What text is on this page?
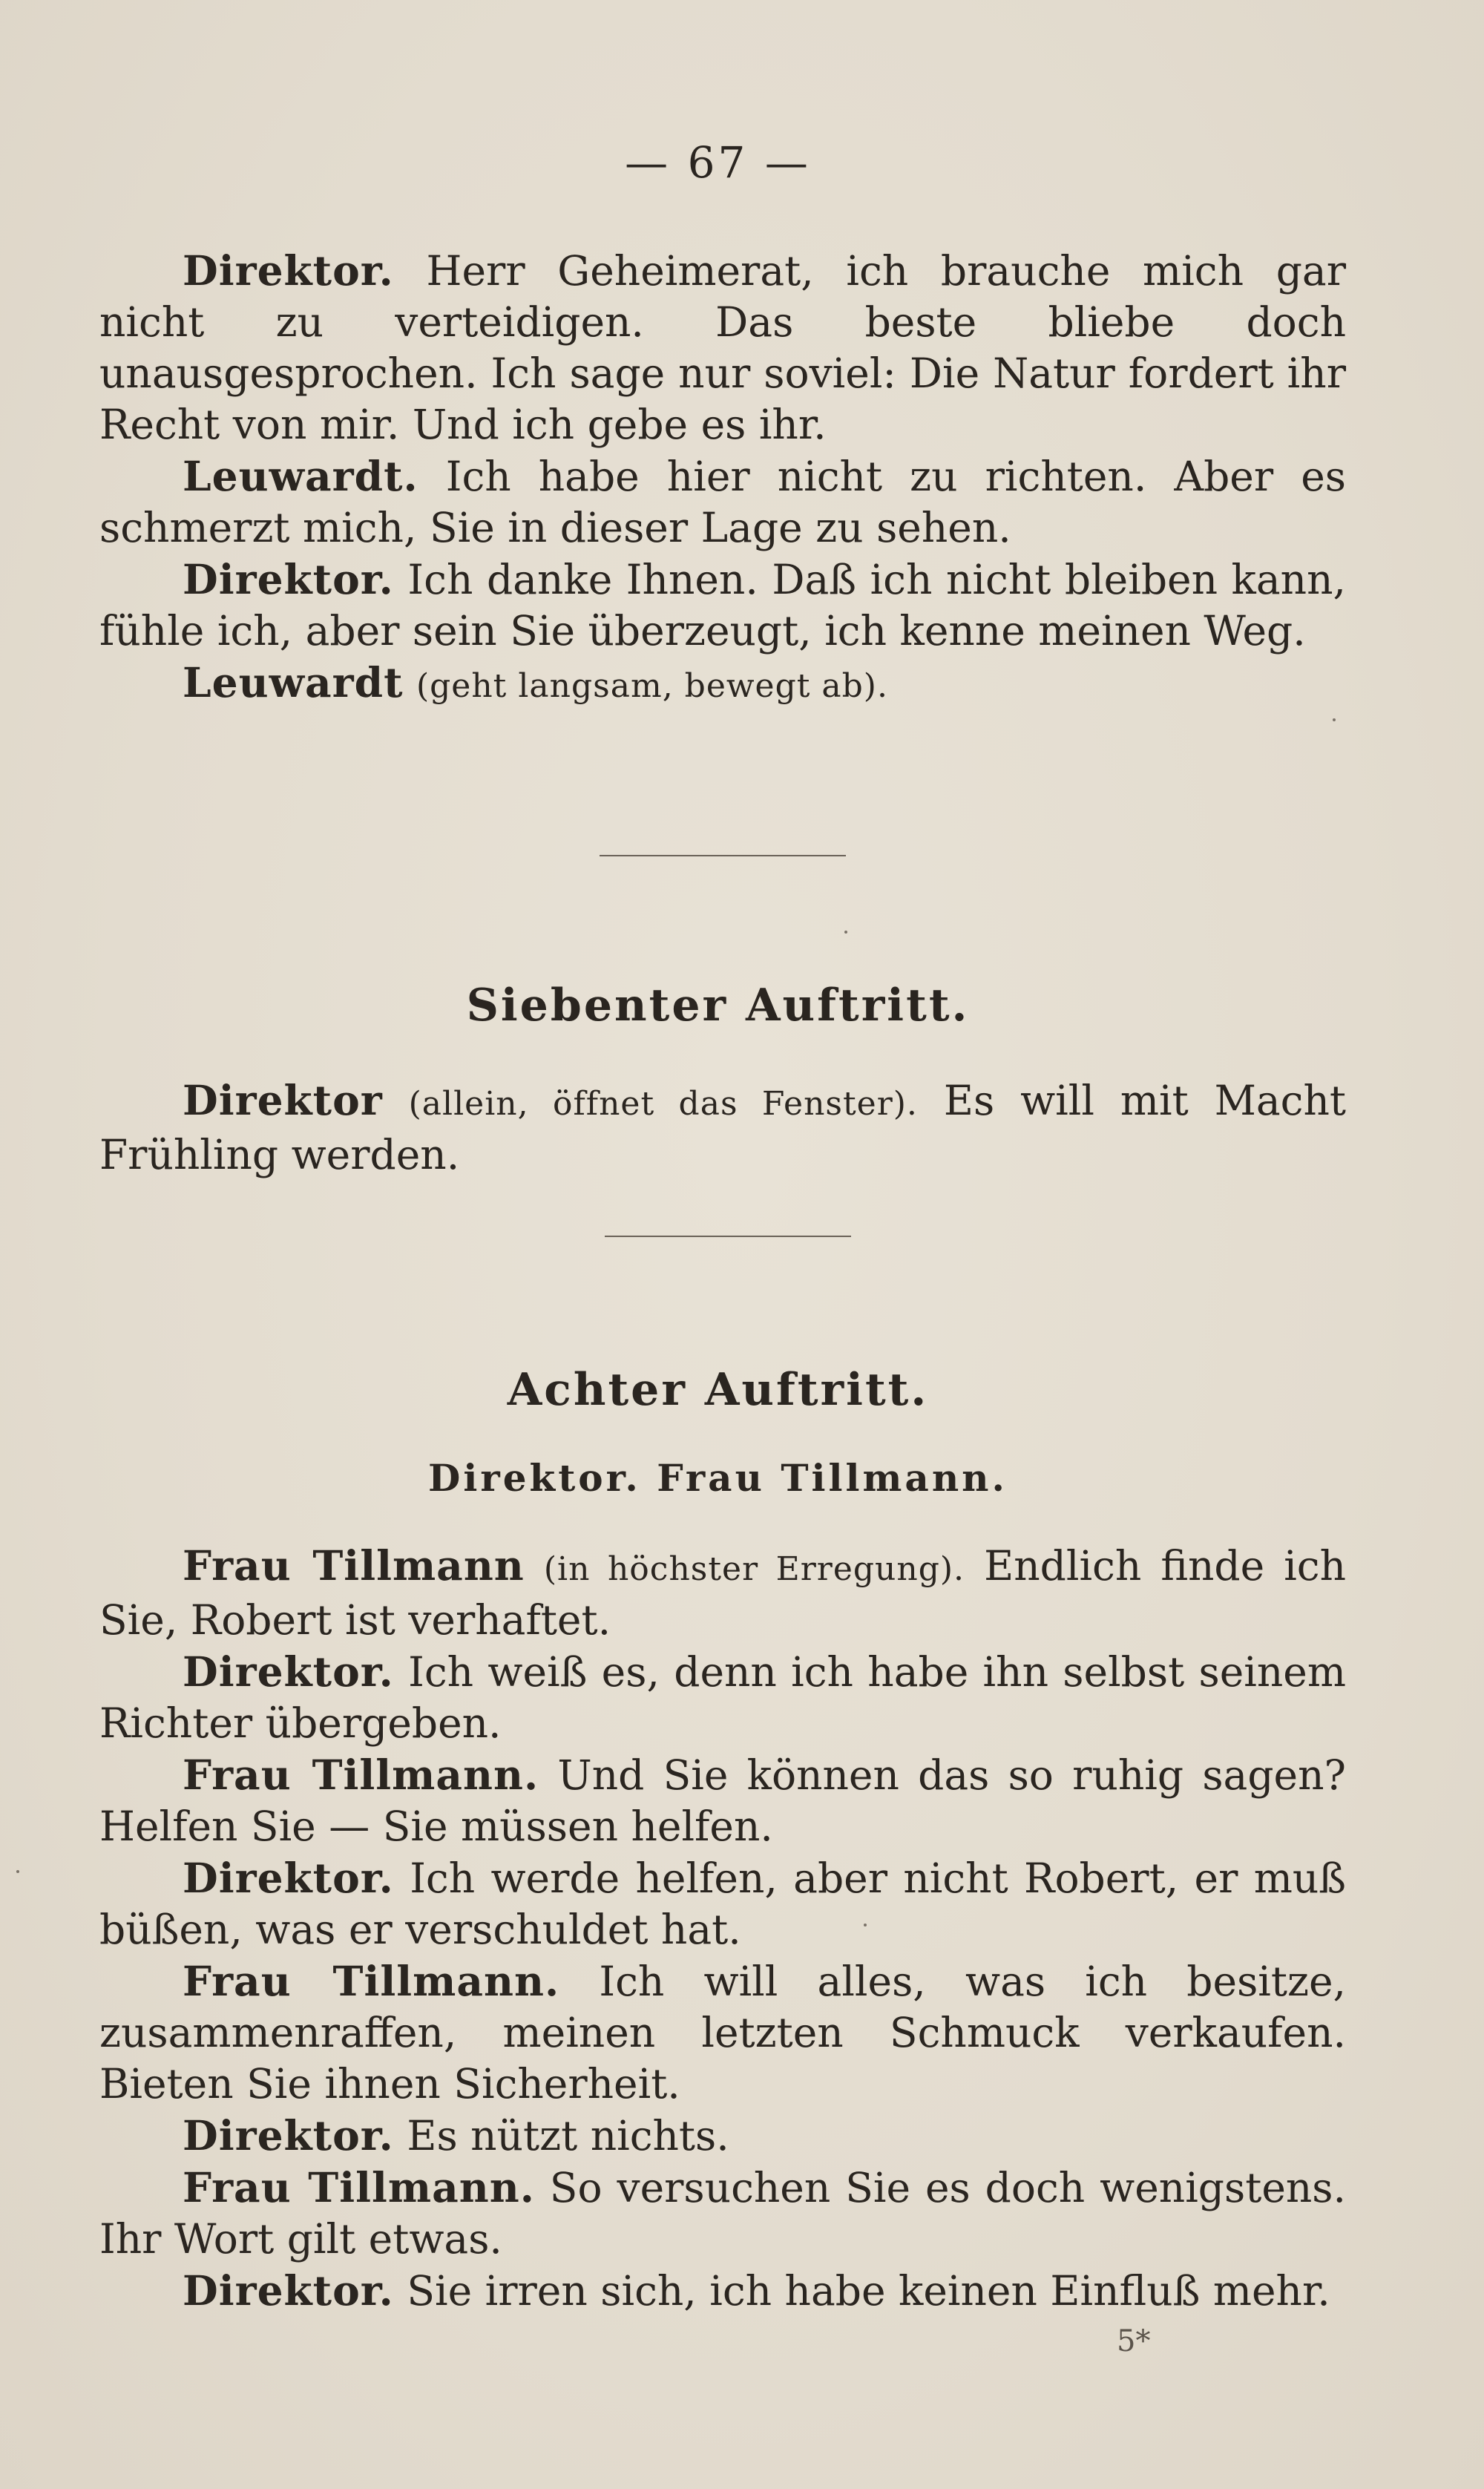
— 67 —

Direktor. Herr Geheimerat, ich brauche mich gar nicht zu verteidigen. Das beste bliebe doch unausgesprochen. Ich sage nur soviel: Die Natur fordert ihr Recht von mir. Und ich gebe es ihr.

Leuwardt. Ich habe hier nicht zu richten. Aber es schmerzt mich, Sie in dieser Lage zu sehen.

Direktor. Ich danke Ihnen. Daß ich nicht bleiben kann, fühle ich, aber sein Sie überzeugt, ich kenne meinen Weg.

Leuwardt (geht langsam, bewegt ab).

Siebenter Auftritt.

Direktor (allein, öffnet das Fenster). Es will mit Macht Frühling werden.

Achter Auftritt.
Direktor. Frau Tillmann.

Frau Tillmann (in höchster Erregung). Endlich finde ich Sie, Robert ist verhaftet.

Direktor. Ich weiß es, denn ich habe ihn selbst seinem Richter übergeben.

Frau Tillmann. Und Sie können das so ruhig sagen? Helfen Sie — Sie müssen helfen.

Direktor. Ich werde helfen, aber nicht Robert, er muß büßen, was er verschuldet hat.

Frau Tillmann. Ich will alles, was ich besitze, zusammenraffen, meinen letzten Schmuck verkaufen. Bieten Sie ihnen Sicherheit.

Direktor. Es nützt nichts.

Frau Tillmann. So versuchen Sie es doch wenigstens. Ihr Wort gilt etwas.

Direktor. Sie irren sich, ich habe keinen Einfluß mehr.

5*
